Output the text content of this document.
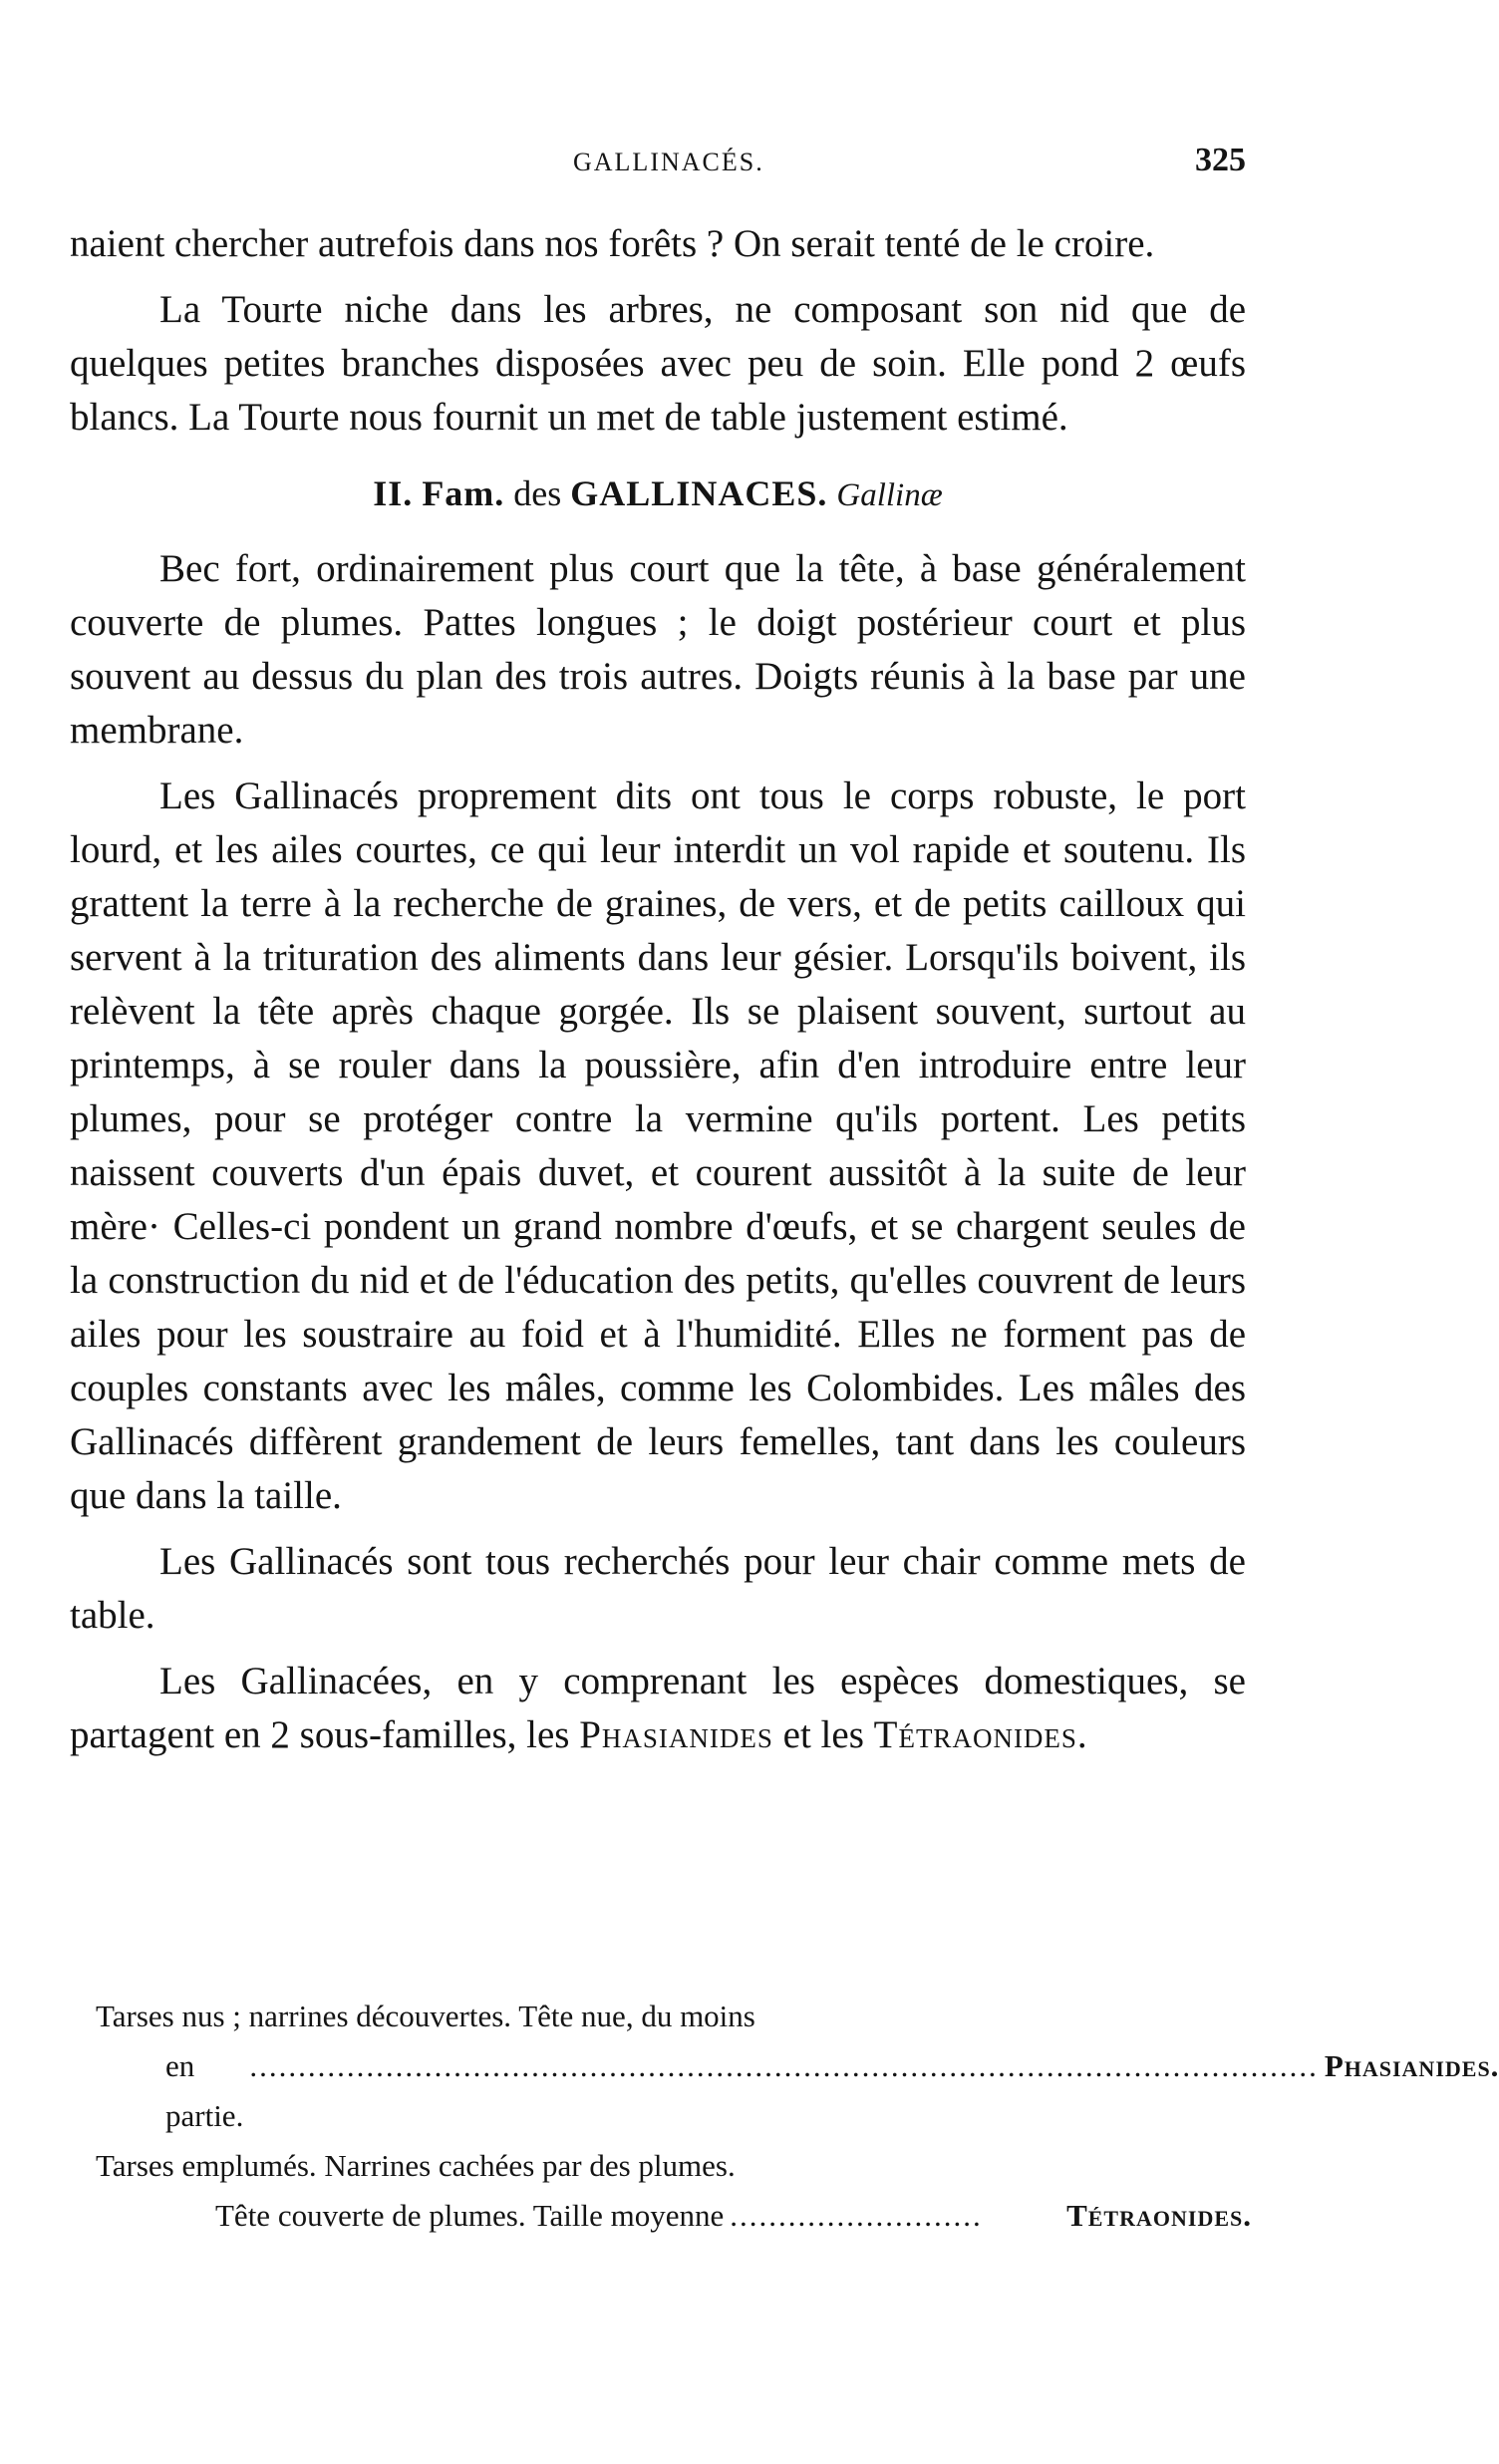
GALLINACÉS.	325

naient chercher autrefois dans nos forêts ? On serait tenté de le croire.

La Tourte niche dans les arbres, ne composant son nid que de quelques petites branches disposées avec peu de soin. Elle pond 2 œufs blancs. La Tourte nous fournit un met de table justement estimé.

II. Fam. des GALLINACES. Gallinæ

Bec fort, ordinairement plus court que la tête, à base généralement couverte de plumes. Pattes longues ; le doigt postérieur court et plus souvent au dessus du plan des trois autres. Doigts réunis à la base par une membrane.

Les Gallinacés proprement dits ont tous le corps robuste, le port lourd, et les ailes courtes, ce qui leur interdit un vol rapide et soutenu. Ils grattent la terre à la recherche de graines, de vers, et de petits cailloux qui servent à la trituration des aliments dans leur gésier. Lorsqu'ils boivent, ils relèvent la tête après chaque gorgée. Ils se plaisent souvent, surtout au printemps, à se rouler dans la poussière, afin d'en introduire entre leur plumes, pour se protéger contre la vermine qu'ils portent. Les petits naissent couverts d'un épais duvet, et courent aussitôt à la suite de leur mère· Celles-ci pondent un grand nombre d'œufs, et se chargent seules de la construction du nid et de l'éducation des petits, qu'elles couvrent de leurs ailes pour les soustraire au foid et à l'humidité. Elles ne forment pas de couples constants avec les mâles, comme les Colombides. Les mâles des Gallinacés diffèrent grandement de leurs femelles, tant dans les couleurs que dans la taille.

Les Gallinacés sont tous recherchés pour leur chair comme mets de table.

Les Gallinacées, en y comprenant les espèces domestiques, se partagent en 2 sous-familles, les Phasianides et les Tétraonides.

Tarses nus ; narrines découvertes. Tête nue, du moins
en partie.
.............................................................................................................. Phasianides.
Tarses emplumés. Narrines cachées par des plumes.
Tête couverte de plumes. Taille moyenne ..........................	Tétraonides.
